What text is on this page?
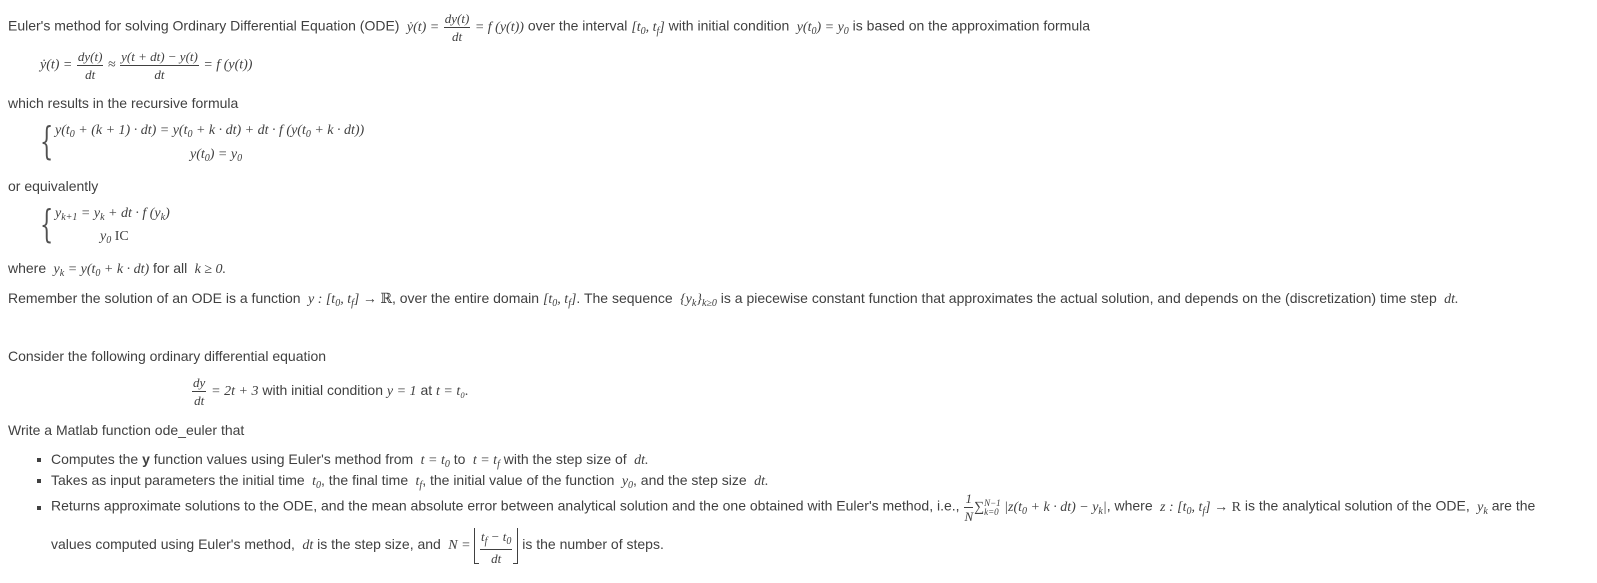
Euler's method for solving Ordinary Differential Equation (ODE)  ẏ(t) = $\frac{dy(t)}{dt} = f$ (y(t)) over the interval [$t_0$, $t_f$] with initial condition  $y(t_0) = y_0$ is based on the approximation formula
ẏ(t) = $\frac{dy(t)}{dt} \approx \frac{y(t + dt) - y(t)}{dt} = f$ (y(t))
which results in the recursive formula
{ $y(t_0 + (k + 1) \cdot dt) = y(t_0 + k \cdot dt)$ + dt · f $(y(t_0 + k \cdot dt))$
$y(t_0) = y_0$
or equivalently
{ $y_{k+1} = y_k$ + dt · f $(y_k)$
$y_0$ IC
where  $y_k = y(t_0 + k \cdot dt)$ for all  k ≥ 0.
Remember the solution of an ODE is a function  y : [$t_0$, $t_f$] → ℝ, over the entire domain [$t_0$, $t_f$]. The sequence  $\{y_k\}_{k\ge 0}$ is a piecewise constant function that approximates the actual solution, and depends on the (discretization) time step  dt.
Consider the following ordinary differential equation
$\frac{dy}{dt} = 2t + 3$ with initial condition y = 1 at t = t₀.
Write a Matlab function ode_euler that
Computes the y function values using Euler's method from  $t = t_0$ to  $t = t_f$ with the step size of  dt.
Takes as input parameters the initial time  $t_0$, the final time  $t_f$, the initial value of the function  $y_0$, and the step size  dt.
Returns approximate solutions to the ODE, and the mean absolute error between analytical solution and the one obtained with Euler's method, i.e., $\frac{1}{N}$ ∑ N−1
k=0 $|z(t_0 + k \cdot dt) - y_k|$, where  z : [$t_0$, $t_f] \to R$ is the analytical solution of the ODE,  $y_k$ are the
values computed using Euler's method,  dt is the step size, and  $N = \frac{t_f - t_0}{dt}$ is the number of steps.
